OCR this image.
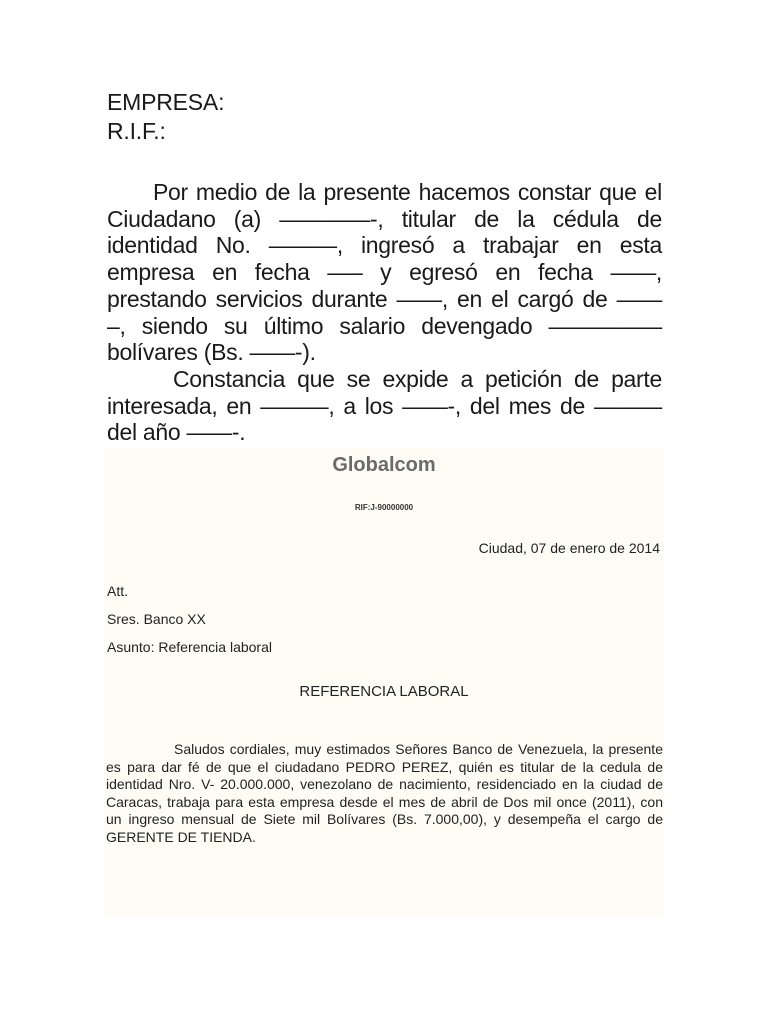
EMPRESA:

R.I.F.:

Por medio de la presente hacemos constar que el Ciudadano (a) ————-, titular de la cédula de identidad No. ———, ingresó a trabajar en esta empresa en fecha —– y egresó en fecha ——, prestando servicios durante ——, en el cargó de —— –, siendo su último salario devengado ————— bolívares (Bs. ——-).
Constancia que se expide a petición de parte interesada, en ———, a los ——-, del mes de ——— del año ——-.
Globalcom
RIF:J-90000000
Ciudad, 07 de enero de 2014
Att.
Sres. Banco XX
Asunto: Referencia laboral
REFERENCIA LABORAL
Saludos cordiales, muy estimados Señores Banco de Venezuela, la presente es para dar fé de que el ciudadano PEDRO PEREZ, quién es titular de la cedula de identidad Nro. V- 20.000.000, venezolano de nacimiento, residenciado en la ciudad de Caracas, trabaja para esta empresa desde el mes de abril de Dos mil once (2011), con un ingreso mensual de Siete mil Bolívares (Bs. 7.000,00), y desempeña el cargo de GERENTE DE TIENDA.
